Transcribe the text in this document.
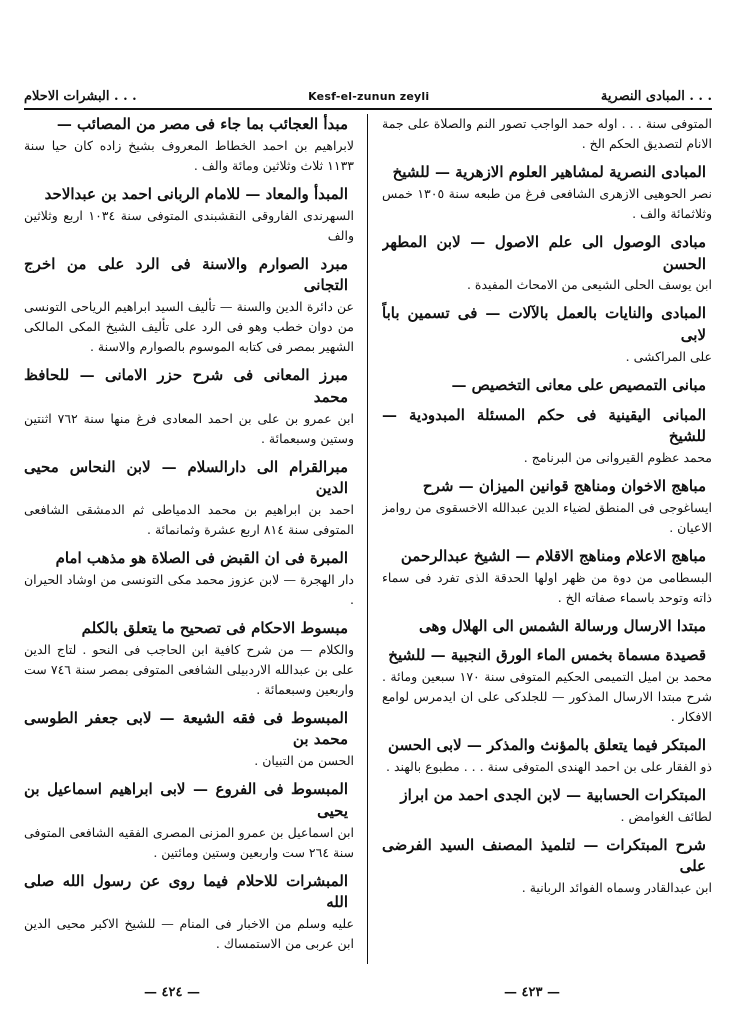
البشرات الاحلام . . .	Kesf-el-zunun zeyli	المبادى النصرية . . .
مبدأ العجائب بما جاء فى مصر من المصائب —
لابراهيم بن احمد الخطاط المعروف بشيخ زاده كان حيا سنة ١١٣٣ ثلاث وثلاثين ومائة والف .
المبدأ والمعاد — للامام الربانى احمد بن عبدالاحد
السهرندى الفاروقى النقشبندى المتوفى سنة ١٠٣٤ اربع وثلاثين والف
مبرد الصوارم والاسنة فى الرد على من اخرج التجانى
عن دائرة الدين والسنة — تأليف السيد ابراهيم الرياحى التونسى من دوان خطب وهو فى الرد على تأليف الشيخ المكى المالكى الشهير بمصر فى كتابه الموسوم بالصوارم والاسنة .
مبرز المعانى فى شرح حزر الامانى — للحافظ محمد
ابن عمرو بن على بن احمد المعادى فرغ منها سنة ٧٦٢ اثنتين وستين وسبعمائة .
مبرالقرام الى دارالسلام — لابن النحاس محيى الدين
احمد بن ابراهيم بن محمد الدمياطى ثم الدمشقى الشافعى المتوفى سنة ٨١٤ اربع عشرة وثمانمائة .
المبرة فى ان القبض فى الصلاة هو مذهب امام
دار الهجرة — لابن عزوز محمد مكى التونسى من اوشاد الحيران .
مبسوط الاحكام فى تصحيح ما يتعلق بالكلم
والكلام — من شرح كافية ابن الحاجب فى النحو . لتاج الدين على بن عبدالله الاردبيلى الشافعى المتوفى بمصر سنة ٧٤٦ ست واربعين وسبعمائة .
المبسوط فى فقه الشيعة — لابى جعفر الطوسى محمد بن
الحسن من التبيان .
المبسوط فى الفروع — لابى ابراهيم اسماعيل بن يحيى
ابن اسماعيل بن عمرو المزنى المصرى الفقيه الشافعى المتوفى سنة ٢٦٤ ست واربعين وستين ومائتين .
المبشرات للاحلام فيما روى عن رسول الله صلى الله
عليه وسلم من الاخبار فى المنام — للشيخ الاكبر محيى الدين ابن عربى من الاستمساك .
المتوفى سنة . . . اوله حمد الواجب تصور النم والصلاة على جمة الانام لتصديق الحكم الخ .
المبادى النصرية لمشاهير العلوم الازهرية — للشيخ
نصر الحوهيى الازهرى الشافعى فرغ من طبعه سنة ١٣٠٥ خمس وثلاثمائة والف .
مبادى الوصول الى علم الاصول — لابن المطهر الحسن
ابن يوسف الحلى الشيعى من الامحاث المفيدة .
المبادى والنايات بالعمل بالآلات — فى تسمين باباً لابى
على المراكشى .
مبانى التمصيص على معانى التخصيص —
المبانى اليقينية فى حكم المسئلة المبدودية — للشيخ
محمد عظوم القيروانى من البرنامج .
مباهج الاخوان ومناهج قوانين الميزان — شرح
ايساغوجى فى المنطق لضياء الدين عبدالله الاخسقوى من روامز الاعيان .
مباهج الاعلام ومناهج الاقلام — الشيخ عبدالرحمن
البسطامى من دوة من ظهر اولها الحدقة الذى تفرد فى سماء ذاته وتوحد باسماء صفاته الخ .
مبتدا الارسال ورسالة الشمس الى الهلال وهى
قصيدة مسماة بخمس الماء الورق النجبية — للشيخ
محمد بن اميل التميمى الحكيم المتوفى سنة ١٧٠ سبعين ومائة . شرح مبتدا الارسال المذكور — للجلدكى على ان ايدمرس لوامع الافكار .
المبتكر فيما يتعلق بالمؤنث والمذكر — لابى الحسن
ذو الفقار على بن احمد الهندى المتوفى سنة . . . مطبوع بالهند .
المبتكرات الحسابية — لابن الجدى احمد من ابراز
لطائف الغوامض .
شرح المبتكرات — لتلميذ المصنف السيد الفرضى على
ابن عبدالقادر وسماه الفوائد الربانية .
— ٤٢٤ —	— ٤٢٣ —
